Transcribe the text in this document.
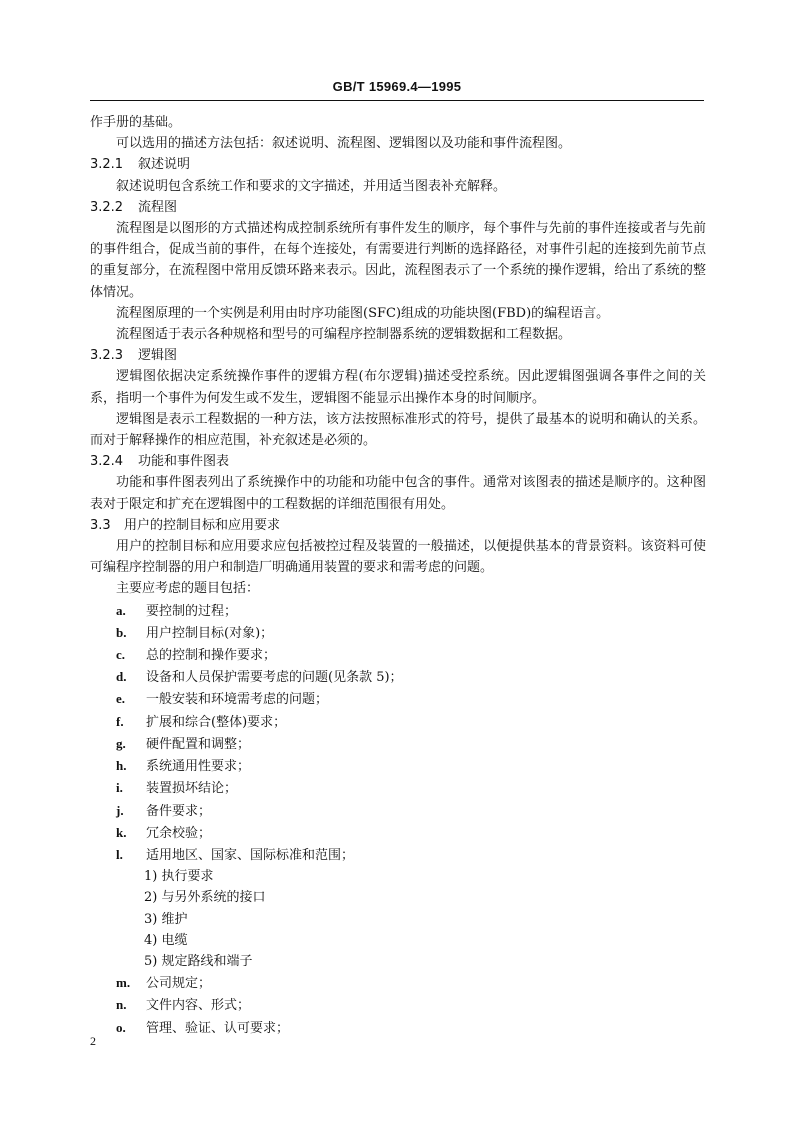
GB/T 15969.4—1995

作手册的基础。

可以选用的描述方法包括：叙述说明、流程图、逻辑图以及功能和事件流程图。

3.2.1 叙述说明

叙述说明包含系统工作和要求的文字描述，并用适当图表补充解释。

3.2.2 流程图

流程图是以图形的方式描述构成控制系统所有事件发生的顺序，每个事件与先前的事件连接或者与先前的事件组合，促成当前的事件，在每个连接处，有需要进行判断的选择路径，对事件引起的连接到先前节点的重复部分，在流程图中常用反馈环路来表示。因此，流程图表示了一个系统的操作逻辑，给出了系统的整体情况。

流程图原理的一个实例是利用由时序功能图(SFC)组成的功能块图(FBD)的编程语言。

流程图适于表示各种规格和型号的可编程序控制器系统的逻辑数据和工程数据。

3.2.3 逻辑图

逻辑图依据决定系统操作事件的逻辑方程(布尔逻辑)描述受控系统。因此逻辑图强调各事件之间的关系，指明一个事件为何发生或不发生，逻辑图不能显示出操作本身的时间顺序。

逻辑图是表示工程数据的一种方法，该方法按照标准形式的符号，提供了最基本的说明和确认的关系。而对于解释操作的相应范围，补充叙述是必须的。

3.2.4 功能和事件图表

功能和事件图表列出了系统操作中的功能和功能中包含的事件。通常对该图表的描述是顺序的。这种图表对于限定和扩充在逻辑图中的工程数据的详细范围很有用处。

3.3 用户的控制目标和应用要求

用户的控制目标和应用要求应包括被控过程及装置的一般描述，以便提供基本的背景资料。该资料可使可编程序控制器的用户和制造厂明确通用装置的要求和需考虑的问题。

主要应考虑的题目包括：

a. 要控制的过程；

b. 用户控制目标(对象)；

c. 总的控制和操作要求；

d. 设备和人员保护需要考虑的问题(见条款 5)；

e. 一般安装和环境需考虑的问题；

f. 扩展和综合(整体)要求；

g. 硬件配置和调整；

h. 系统通用性要求；

i. 装置损坏结论；

j. 备件要求；

k. 冗余校验；

l. 适用地区、国家、国际标准和范围；

1) 执行要求

2) 与另外系统的接口

3) 维护

4) 电缆

5) 规定路线和端子

m. 公司规定；

n. 文件内容、形式；

o. 管理、验证、认可要求；

2
